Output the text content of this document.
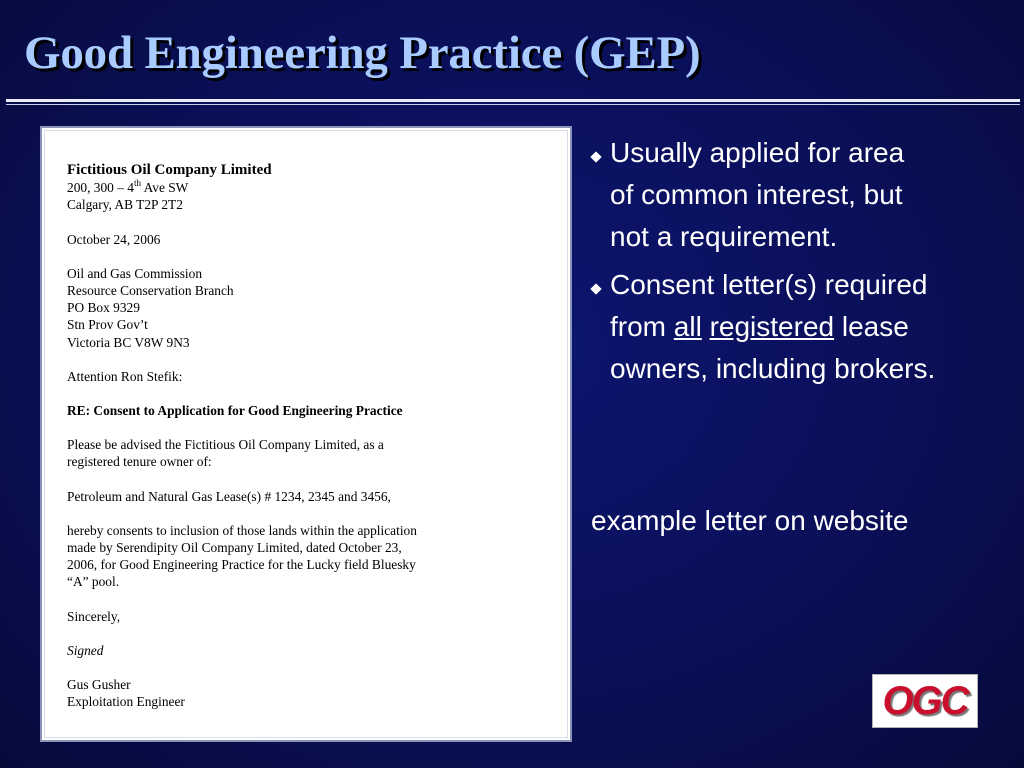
Good Engineering Practice (GEP)
Fictitious Oil Company Limited
200, 300 – 4th Ave SW
Calgary, AB T2P 2T2
October 24, 2006
Oil and Gas Commission
Resource Conservation Branch
PO Box 9329
Stn Prov Gov’t
Victoria BC V8W 9N3
Attention Ron Stefik:
RE: Consent to Application for Good Engineering Practice
Please be advised the Fictitious Oil Company Limited, as a
registered tenure owner of:
Petroleum and Natural Gas Lease(s) # 1234, 2345 and 3456,
hereby consents to inclusion of those lands within the application
made by Serendipity Oil Company Limited, dated October 23,
2006, for Good Engineering Practice for the Lucky field Bluesky
“A” pool.
Sincerely,
Signed
Gus Gusher
Exploitation Engineer
Usually applied for area
of common interest, but
not a requirement.
Consent letter(s) required
from all registered lease
owners, including brokers.
example letter on website
OGC
